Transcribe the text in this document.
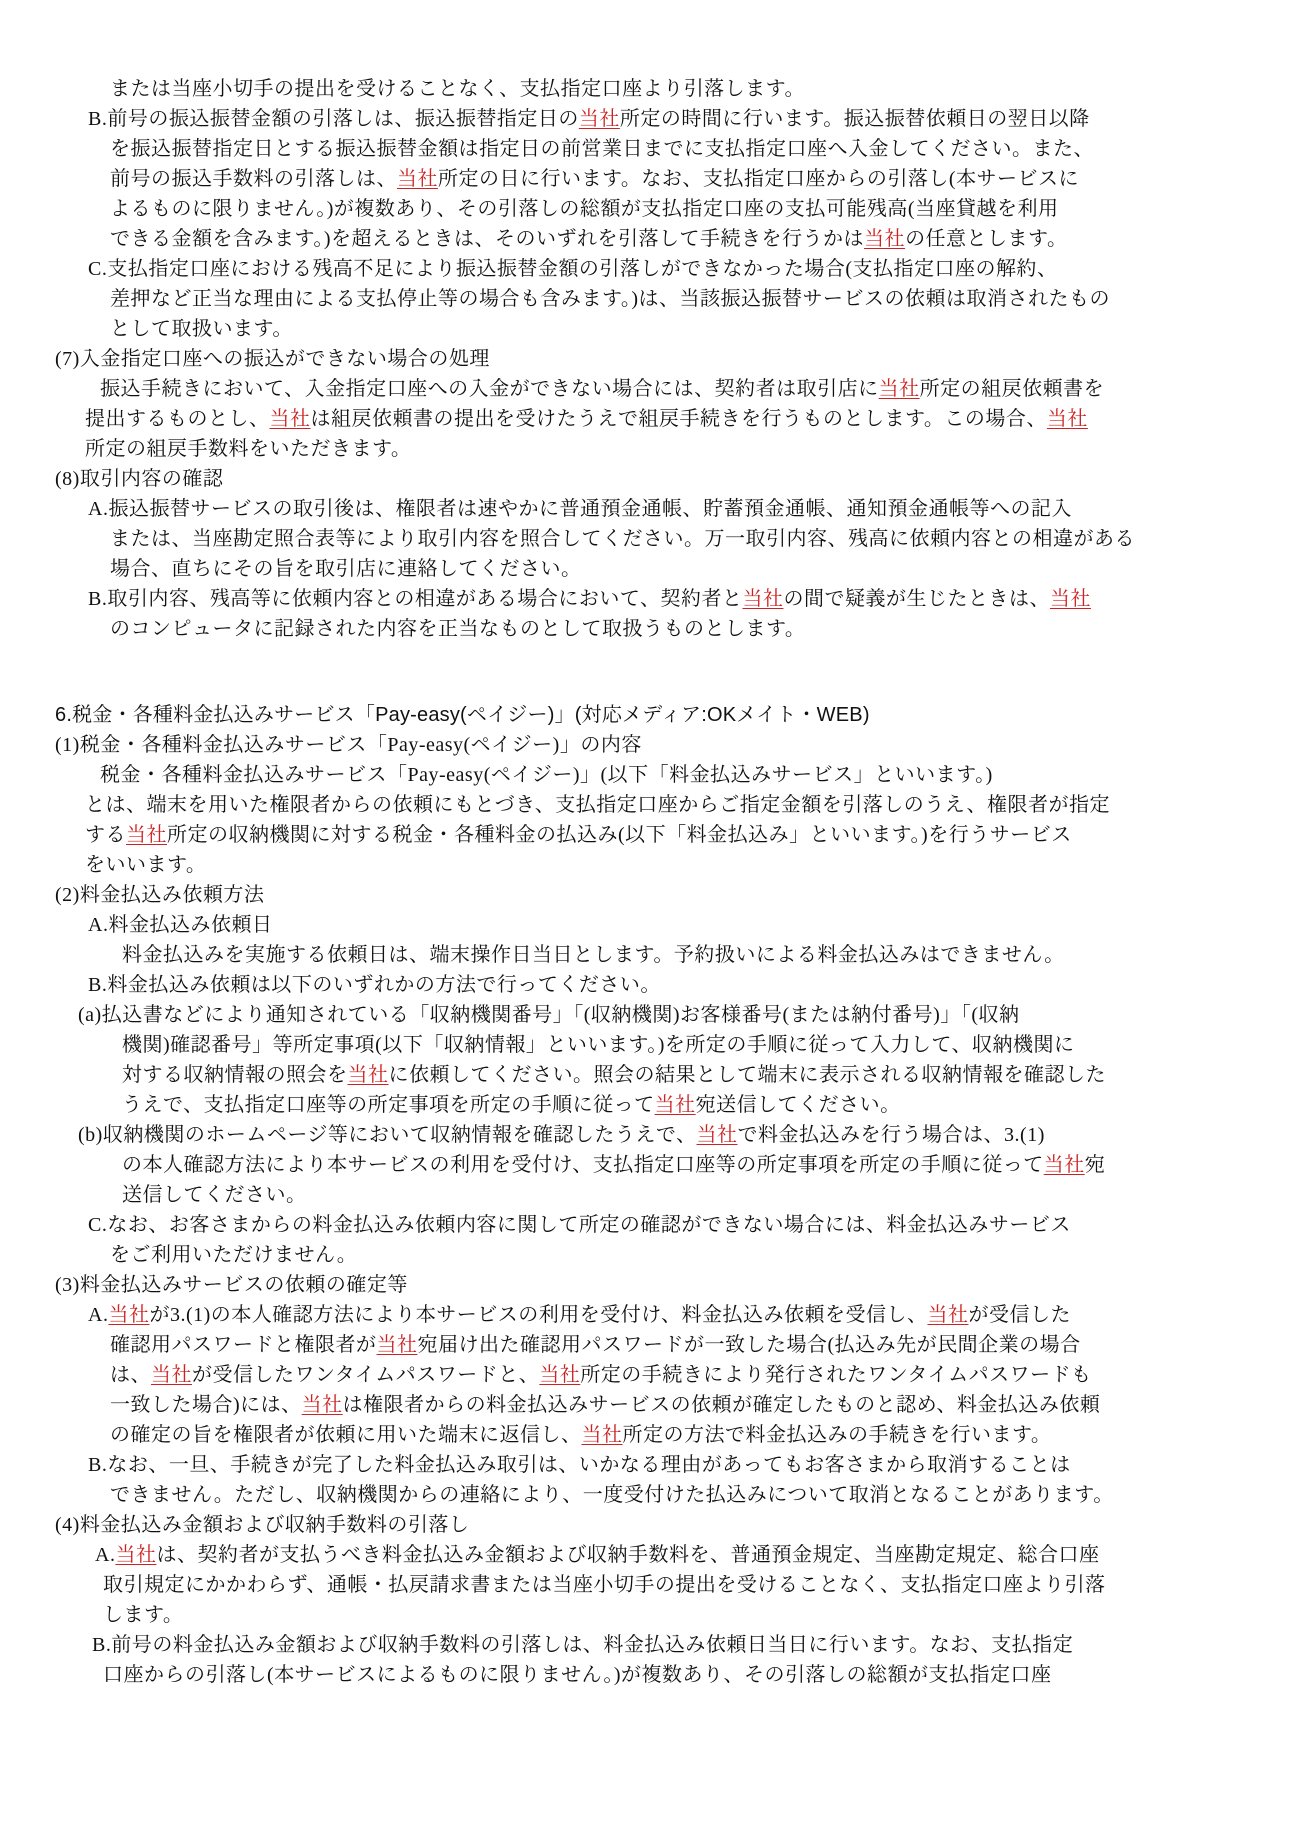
または当座小切手の提出を受けることなく、支払指定口座より引落します。
B.前号の振込振替金額の引落しは、振込振替指定日の当社所定の時間に行います。振込振替依頼日の翌日以降
を振込振替指定日とする振込振替金額は指定日の前営業日までに支払指定口座へ入金してください。また、
前号の振込手数料の引落しは、当社所定の日に行います。なお、支払指定口座からの引落し(本サービスに
よるものに限りません。)が複数あり、その引落しの総額が支払指定口座の支払可能残高(当座貸越を利用
できる金額を含みます。)を超えるときは、そのいずれを引落して手続きを行うかは当社の任意とします。
C.支払指定口座における残高不足により振込振替金額の引落しができなかった場合(支払指定口座の解約、
差押など正当な理由による支払停止等の場合も含みます。)は、当該振込振替サービスの依頼は取消されたもの
として取扱います。
(7)入金指定口座への振込ができない場合の処理
振込手続きにおいて、入金指定口座への入金ができない場合には、契約者は取引店に当社所定の組戻依頼書を
提出するものとし、当社は組戻依頼書の提出を受けたうえで組戻手続きを行うものとします。この場合、当社
所定の組戻手数料をいただきます。
(8)取引内容の確認
A.振込振替サービスの取引後は、権限者は速やかに普通預金通帳、貯蓄預金通帳、通知預金通帳等への記入
または、当座勘定照合表等により取引内容を照合してください。万一取引内容、残高に依頼内容との相違がある
場合、直ちにその旨を取引店に連絡してください。
B.取引内容、残高等に依頼内容との相違がある場合において、契約者と当社の間で疑義が生じたときは、当社
のコンピュータに記録された内容を正当なものとして取扱うものとします。
6.税金・各種料金払込みサービス「Pay-easy(ペイジー)」(対応メディア:OKメイト・WEB)
(1)税金・各種料金払込みサービス「Pay-easy(ペイジー)」の内容
税金・各種料金払込みサービス「Pay-easy(ペイジー)」(以下「料金払込みサービス」といいます。)
とは、端末を用いた権限者からの依頼にもとづき、支払指定口座からご指定金額を引落しのうえ、権限者が指定
する当社所定の収納機関に対する税金・各種料金の払込み(以下「料金払込み」といいます。)を行うサービス
をいいます。
(2)料金払込み依頼方法
A.料金払込み依頼日
料金払込みを実施する依頼日は、端末操作日当日とします。予約扱いによる料金払込みはできません。
B.料金払込み依頼は以下のいずれかの方法で行ってください。
(a)払込書などにより通知されている「収納機関番号」「(収納機関)お客様番号(または納付番号)」「(収納
機関)確認番号」等所定事項(以下「収納情報」といいます。)を所定の手順に従って入力して、収納機関に
対する収納情報の照会を当社に依頼してください。照会の結果として端末に表示される収納情報を確認した
うえで、支払指定口座等の所定事項を所定の手順に従って当社宛送信してください。
(b)収納機関のホームページ等において収納情報を確認したうえで、当社で料金払込みを行う場合は、3.(1)
の本人確認方法により本サービスの利用を受付け、支払指定口座等の所定事項を所定の手順に従って当社宛
送信してください。
C.なお、お客さまからの料金払込み依頼内容に関して所定の確認ができない場合には、料金払込みサービス
をご利用いただけません。
(3)料金払込みサービスの依頼の確定等
A.当社が3.(1)の本人確認方法により本サービスの利用を受付け、料金払込み依頼を受信し、当社が受信した
確認用パスワードと権限者が当社宛届け出た確認用パスワードが一致した場合(払込み先が民間企業の場合
は、当社が受信したワンタイムパスワードと、当社所定の手続きにより発行されたワンタイムパスワードも
一致した場合)には、当社は権限者からの料金払込みサービスの依頼が確定したものと認め、料金払込み依頼
の確定の旨を権限者が依頼に用いた端末に返信し、当社所定の方法で料金払込みの手続きを行います。
B.なお、一旦、手続きが完了した料金払込み取引は、いかなる理由があってもお客さまから取消することは
できません。ただし、収納機関からの連絡により、一度受付けた払込みについて取消となることがあります。
(4)料金払込み金額および収納手数料の引落し
A.当社は、契約者が支払うべき料金払込み金額および収納手数料を、普通預金規定、当座勘定規定、総合口座
取引規定にかかわらず、通帳・払戻請求書または当座小切手の提出を受けることなく、支払指定口座より引落
します。
B.前号の料金払込み金額および収納手数料の引落しは、料金払込み依頼日当日に行います。なお、支払指定
口座からの引落し(本サービスによるものに限りません。)が複数あり、その引落しの総額が支払指定口座
